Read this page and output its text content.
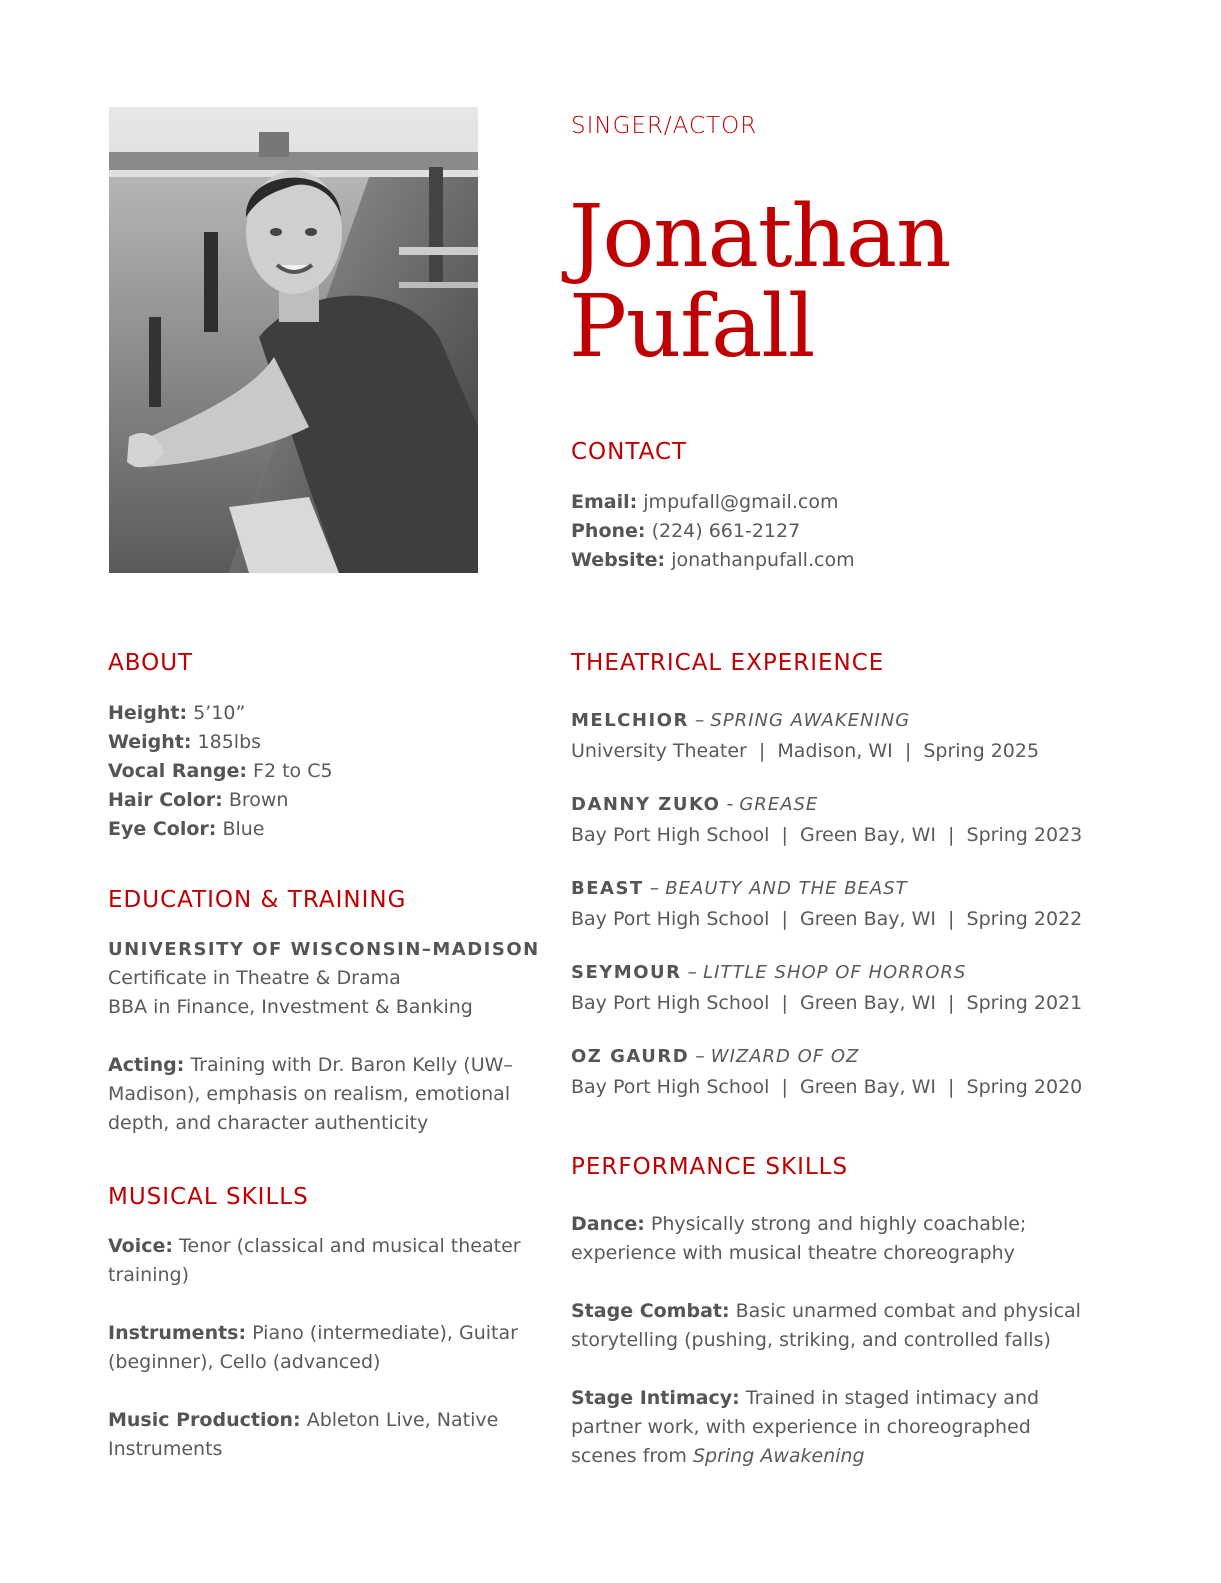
SINGER/ACTOR
Jonathan
Pufall
CONTACT
Email: jmpufall@gmail.com
Phone: (224) 661-2127
Website: jonathanpufall.com
ABOUT
Height: 5’10”
Weight: 185lbs
Vocal Range: F2 to C5
Hair Color: Brown
Eye Color: Blue
EDUCATION & TRAINING
UNIVERSITY OF WISCONSIN–MADISON
Certificate in Theatre & Drama
BBA in Finance, Investment & Banking
Acting: Training with Dr. Baron Kelly (UW–Madison), emphasis on realism, emotional depth, and character authenticity
MUSICAL SKILLS
Voice: Tenor (classical and musical theater training)
Instruments: Piano (intermediate), Guitar (beginner), Cello (advanced)
Music Production: Ableton Live, Native Instruments
THEATRICAL EXPERIENCE
MELCHIOR – SPRING AWAKENING
University Theater  |  Madison, WI  |  Spring 2025
DANNY ZUKO - GREASE
Bay Port High School  |  Green Bay, WI  |  Spring 2023
BEAST – BEAUTY AND THE BEAST
Bay Port High School  |  Green Bay, WI  |  Spring 2022
SEYMOUR – LITTLE SHOP OF HORRORS
Bay Port High School  |  Green Bay, WI  |  Spring 2021
OZ GAURD – WIZARD OF OZ
Bay Port High School  |  Green Bay, WI  |  Spring 2020
PERFORMANCE SKILLS
Dance: Physically strong and highly coachable; experience with musical theatre choreography
Stage Combat: Basic unarmed combat and physical storytelling (pushing, striking, and controlled falls)
Stage Intimacy: Trained in staged intimacy and partner work, with experience in choreographed scenes from Spring Awakening
